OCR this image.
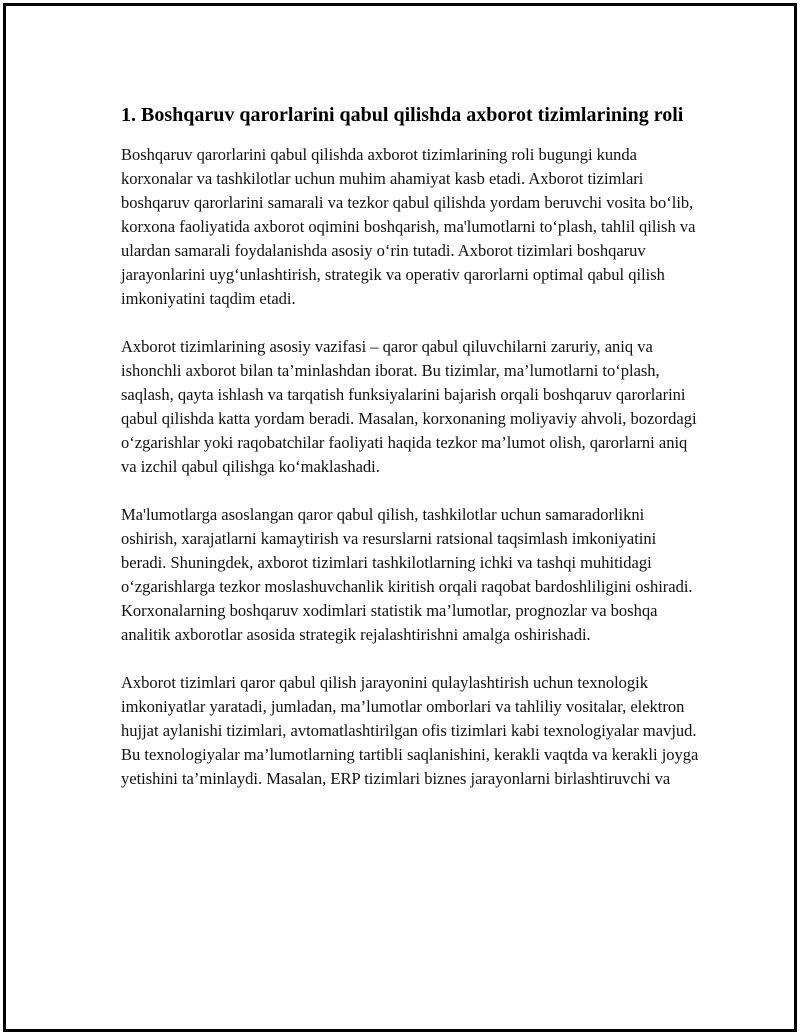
1. Boshqaruv qarorlarini qabul qilishda axborot tizimlarining roli

Boshqaruv qarorlarini qabul qilishda axborot tizimlarining roli bugungi kunda korxonalar va tashkilotlar uchun muhim ahamiyat kasb etadi. Axborot tizimlari boshqaruv qarorlarini samarali va tezkor qabul qilishda yordam beruvchi vosita bo‘lib, korxona faoliyatida axborot oqimini boshqarish, ma'lumotlarni to‘plash, tahlil qilish va ulardan samarali foydalanishda asosiy o‘rin tutadi. Axborot tizimlari boshqaruv jarayonlarini uyg‘unlashtirish, strategik va operativ qarorlarni optimal qabul qilish imkoniyatini taqdim etadi.

Axborot tizimlarining asosiy vazifasi – qaror qabul qiluvchilarni zaruriy, aniq va ishonchli axborot bilan ta’minlashdan iborat. Bu tizimlar, ma’lumotlarni to‘plash, saqlash, qayta ishlash va tarqatish funksiyalarini bajarish orqali boshqaruv qarorlarini qabul qilishda katta yordam beradi. Masalan, korxonaning moliyaviy ahvoli, bozordagi o‘zgarishlar yoki raqobatchilar faoliyati haqida tezkor ma’lumot olish, qarorlarni aniq va izchil qabul qilishga ko‘maklashadi.

Ma'lumotlarga asoslangan qaror qabul qilish, tashkilotlar uchun samaradorlikni oshirish, xarajatlarni kamaytirish va resurslarni ratsional taqsimlash imkoniyatini beradi. Shuningdek, axborot tizimlari tashkilotlarning ichki va tashqi muhitidagi o‘zgarishlarga tezkor moslashuvchanlik kiritish orqali raqobat bardoshliligini oshiradi. Korxonalarning boshqaruv xodimlari statistik ma’lumotlar, prognozlar va boshqa analitik axborotlar asosida strategik rejalashtirishni amalga oshirishadi.

Axborot tizimlari qaror qabul qilish jarayonini qulaylashtirish uchun texnologik imkoniyatlar yaratadi, jumladan, ma’lumotlar omborlari va tahliliy vositalar, elektron hujjat aylanishi tizimlari, avtomatlashtirilgan ofis tizimlari kabi texnologiyalar mavjud. Bu texnologiyalar ma’lumotlarning tartibli saqlanishini, kerakli vaqtda va kerakli joyga yetishini ta’minlaydi. Masalan, ERP tizimlari biznes jarayonlarni birlashtiruvchi va
